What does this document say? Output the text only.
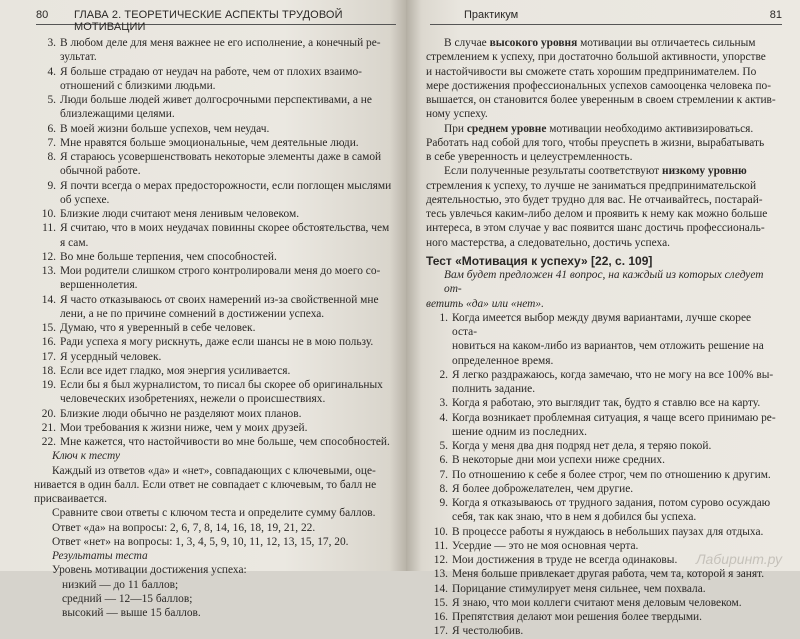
80 ГЛАВА 2. ТЕОРЕТИЧЕСКИЕ АСПЕКТЫ ТРУДОВОЙ МОТИВАЦИИ
3. В любом деле для меня важнее не его исполнение, а конечный ре-
зультат.
4. Я больше страдаю от неудач на работе, чем от плохих взаимо-
отношений с близкими людьми.
5. Люди больше людей живет долгосрочными перспективами, а не
близлежащими целями.
6. В моей жизни больше успехов, чем неудач.
7. Мне нравятся больше эмоциональные, чем деятельные люди.
8. Я стараюсь усовершенствовать некоторые элементы даже в самой
обычной работе.
9. Я почти всегда о мерах предосторожности, если поглощен мыслями
об успехе.
10. Близкие люди считают меня ленивым человеком.
11. Я считаю, что в моих неудачах повинны скорее обстоятельства, чем
я сам.
12. Во мне больше терпения, чем способностей.
13. Мои родители слишком строго контролировали меня до моего со-
вершеннолетия.
14. Я часто отказываюсь от своих намерений из-за свойственной мне
лени, а не по причине сомнений в достижении успеха.
15. Думаю, что я уверенный в себе человек.
16. Ради успеха я могу рискнуть, даже если шансы не в мою пользу.
17. Я усердный человек.
18. Если все идет гладко, моя энергия усиливается.
19. Если бы я был журналистом, то писал бы скорее об оригинальных
человеческих изобретениях, нежели о происшествиях.
20. Близкие люди обычно не разделяют моих планов.
21. Мои требования к жизни ниже, чем у моих друзей.
22. Мне кажется, что настойчивости во мне больше, чем способностей.
Ключ к тесту
Каждый из ответов «да» и «нет», совпадающих с ключевыми, оце-
нивается в один балл. Если ответ не совпадает с ключевым, то балл не
присваивается.
Сравните свои ответы с ключом теста и определите сумму баллов.
Ответ «да» на вопросы: 2, 6, 7, 8, 14, 16, 18, 19, 21, 22.
Ответ «нет» на вопросы: 1, 3, 4, 5, 9, 10, 11, 12, 13, 15, 17, 20.
Результаты теста
Уровень мотивации достижения успеха:
низкий — до 11 баллов;
средний — 12—15 баллов;
высокий — выше 15 баллов.
Практикум	81
В случае высокого уровня мотивации вы отличаетесь сильным
стремлением к успеху, при достаточно большой активности, упорстве
и настойчивости вы сможете стать хорошим предпринимателем. По
мере достижения профессиональных успехов самооценка человека по-
вышается, он становится более уверенным в своем стремлении к актив-
ному успеху.
При среднем уровне мотивации необходимо активизироваться.
Работать над собой для того, чтобы преуспеть в жизни, вырабатывать
в себе уверенность и целеустремленность.
Если полученные результаты соответствуют низкому уровню
стремления к успеху, то лучше не заниматься предпринимательской
деятельностью, это будет трудно для вас. Не отчаивайтесь, постарай-
тесь увлечься каким-либо делом и проявить к нему как можно больше
интереса, в этом случае у вас появится шанс достичь профессиональ-
ного мастерства, а следовательно, достичь успеха.
Тест «Мотивация к успеху» [22, с. 109]
Вам будет предложен 41 вопрос, на каждый из которых следует от-
ветить «да» или «нет».
1. Когда имеется выбор между двумя вариантами, лучше скорее оста-
новиться на каком-либо из вариантов, чем отложить решение на
определенное время.
2. Я легко раздражаюсь, когда замечаю, что не могу на все 100% вы-
полнить задание.
3. Когда я работаю, это выглядит так, будто я ставлю все на карту.
4. Когда возникает проблемная ситуация, я чаще всего принимаю ре-
шение одним из последних.
5. Когда у меня два дня подряд нет дела, я теряю покой.
6. В некоторые дни мои успехи ниже средних.
7. По отношению к себе я более строг, чем по отношению к другим.
8. Я более доброжелателен, чем другие.
9. Когда я отказываюсь от трудного задания, потом сурово осуждаю
себя, так как знаю, что в нем я добился бы успеха.
10. В процессе работы я нуждаюсь в небольших паузах для отдыха.
11. Усердие — это не моя основная черта.
12. Мои достижения в труде не всегда одинаковы.
13. Меня больше привлекает другая работа, чем та, которой я занят.
14. Порицание стимулирует меня сильнее, чем похвала.
15. Я знаю, что мои коллеги считают меня деловым человеком.
16. Препятствия делают мои решения более твердыми.
17. Я честолюбив.
Лабиринт.ру
